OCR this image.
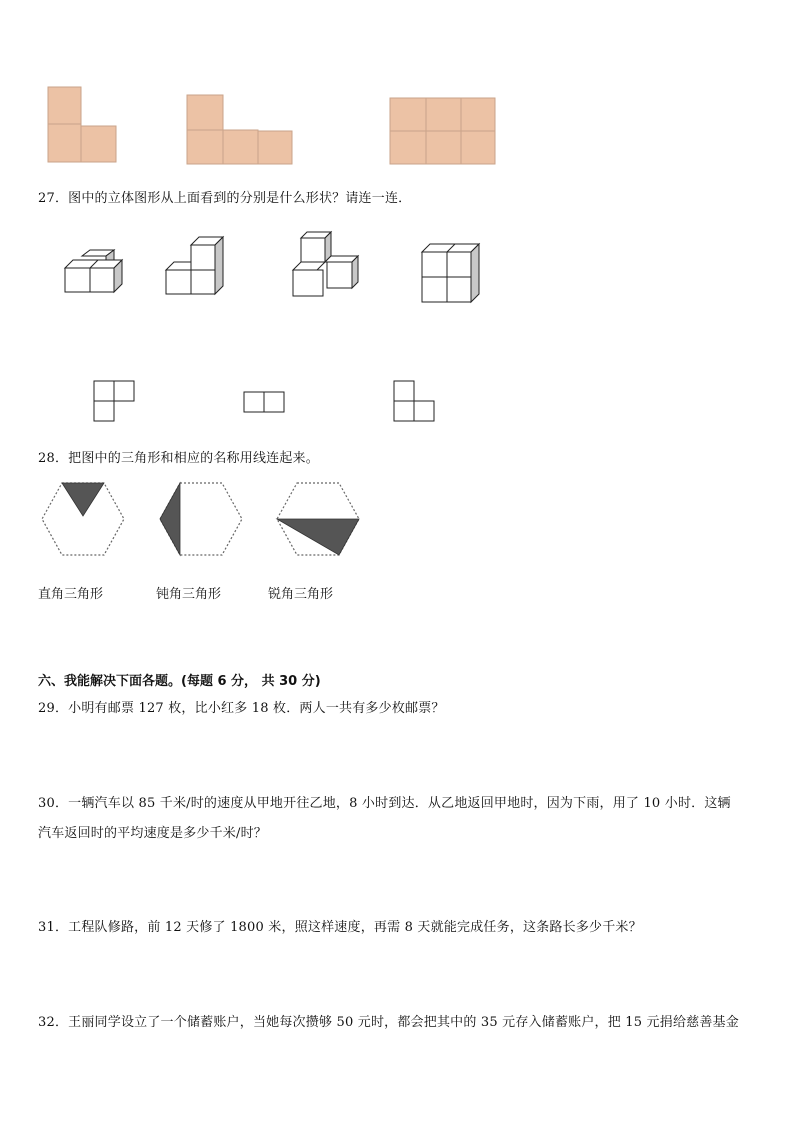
27．图中的立体图形从上面看到的分别是什么形状？请连一连．
28．把图中的三角形和相应的名称用线连起来。
直角三角形	钝角三角形	锐角三角形
六、我能解决下面各题。(每题 6 分， 共 30 分)
29．小明有邮票 127 枚，比小红多 18 枚．两人一共有多少枚邮票？
30．一辆汽车以 85 千米/时的速度从甲地开往乙地，8 小时到达．从乙地返回甲地时，因为下雨，用了 10 小时．这辆
汽车返回时的平均速度是多少千米/时？
31．工程队修路，前 12 天修了 1800 米，照这样速度，再需 8 天就能完成任务，这条路长多少千米？
32．王丽同学设立了一个储蓄账户，当她每次攒够 50 元时，都会把其中的 35 元存入储蓄账户，把 15 元捐给慈善基金
